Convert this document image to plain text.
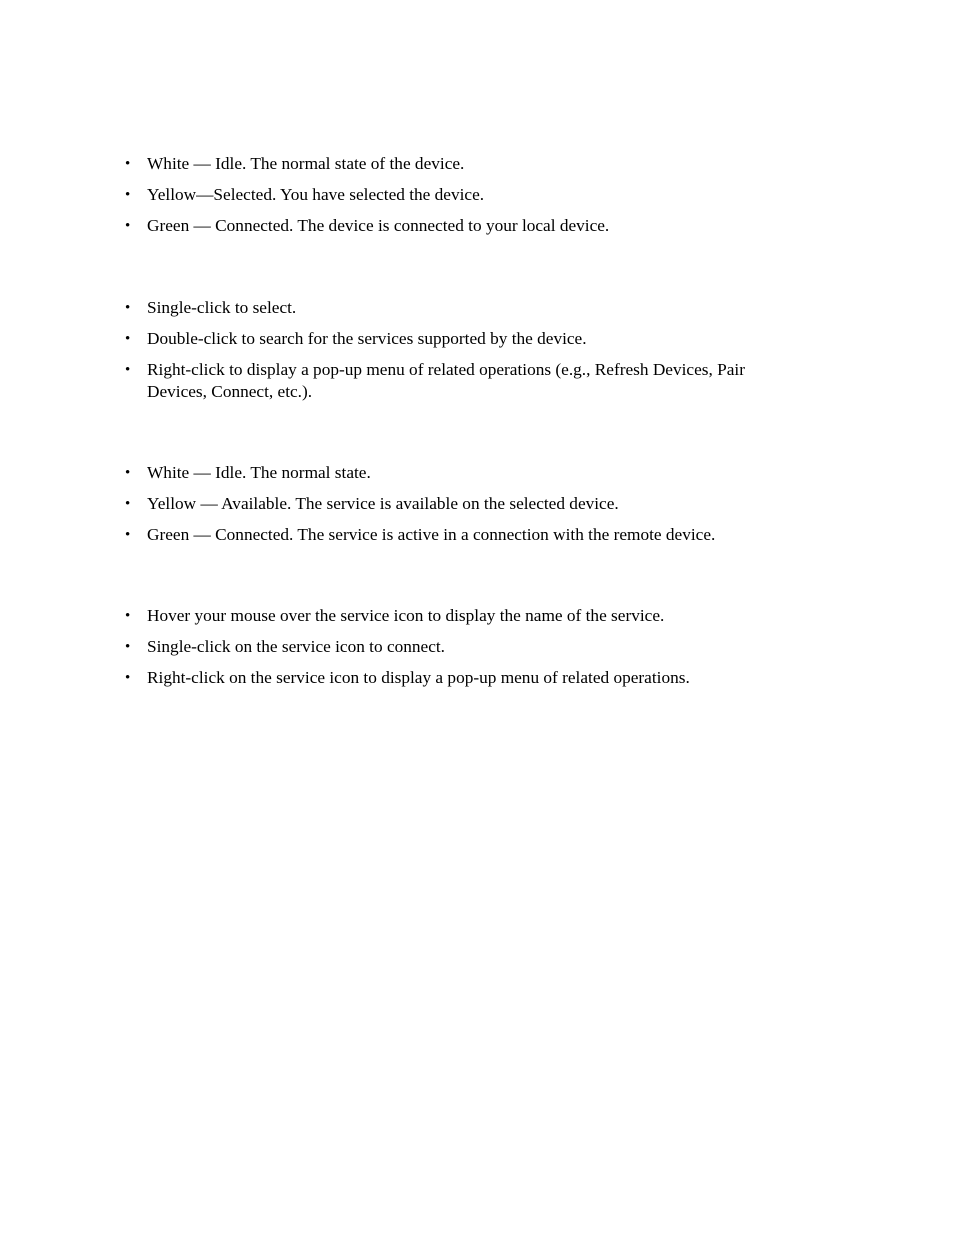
• White — Idle. The normal state of the device.
• Yellow—Selected. You have selected the device.
• Green — Connected. The device is connected to your local device.
• Single-click to select.
• Double-click to search for the services supported by the device.
• Right-click to display a pop-up menu of related operations (e.g., Refresh Devices, Pair Devices, Connect, etc.).
• White — Idle. The normal state.
• Yellow — Available. The service is available on the selected device.
• Green — Connected. The service is active in a connection with the remote device.
• Hover your mouse over the service icon to display the name of the service.
• Single-click on the service icon to connect.
• Right-click on the service icon to display a pop-up menu of related operations.
